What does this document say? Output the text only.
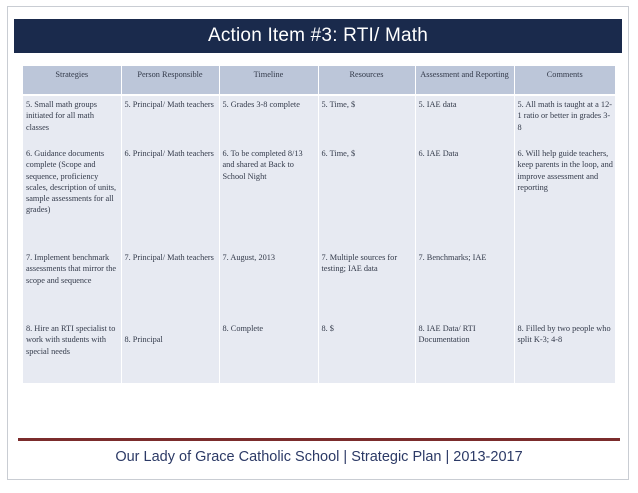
Action Item #3: RTI/ Math
Strategies	Person Responsible	Timeline	Resources	Assessment and Reporting	Comments
5. Small math groups initiated for all math classes	5. Principal/ Math teachers	5. Grades 3-8 complete	5. Time, $	5. IAE data	5. All math is taught at a 12-1 ratio or better in grades 3-8
6. Guidance documents complete (Scope and sequence, proficiency scales, description of units, sample assessments for all grades)	6. Principal/ Math teachers	6. To be completed 8/13 and shared at Back to School Night	6. Time, $	6. IAE Data	6. Will help guide teachers, keep parents in the loop, and improve assessment and reporting
7. Implement benchmark assessments that mirror the scope and sequence	7. Principal/ Math teachers	7. August, 2013	7. Multiple sources for testing; IAE data	7. Benchmarks; IAE	
8. Hire an RTI specialist to work with students with special needs	8. Principal	8. Complete	8. $	8. IAE Data/ RTI Documentation	8. Filled by two people who split K-3; 4-8
Our Lady of Grace Catholic School | Strategic Plan | 2013-2017
